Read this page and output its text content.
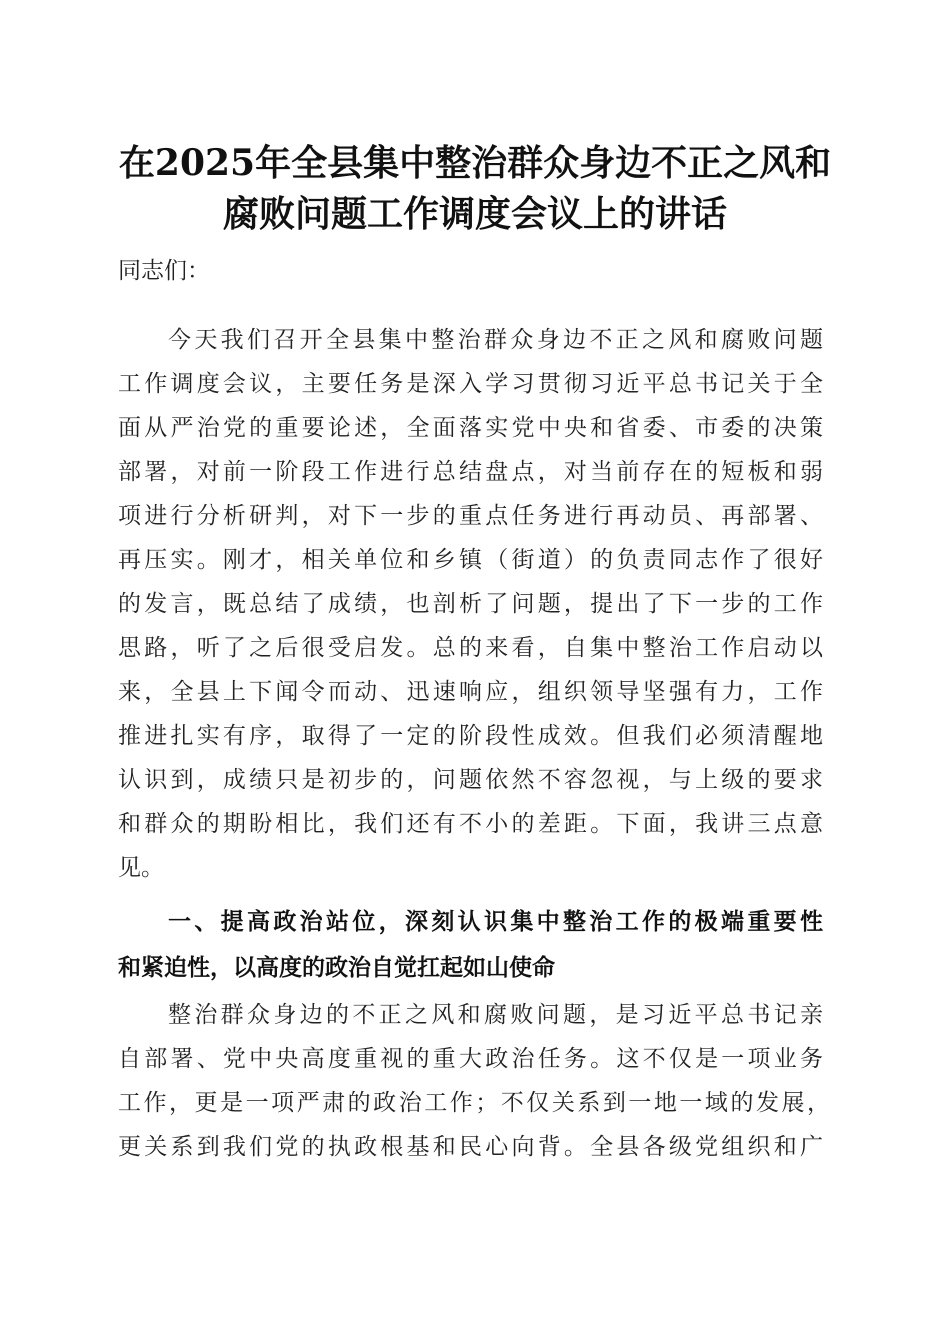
在2025年全县集中整治群众身边不正之风和
腐败问题工作调度会议上的讲话
同志们：
今天我们召开全县集中整治群众身边不正之风和腐败问题
工作调度会议，主要任务是深入学习贯彻习近平总书记关于全
面从严治党的重要论述，全面落实党中央和省委、市委的决策
部署，对前一阶段工作进行总结盘点，对当前存在的短板和弱
项进行分析研判，对下一步的重点任务进行再动员、再部署、
再压实。刚才，相关单位和乡镇（街道）的负责同志作了很好
的发言，既总结了成绩，也剖析了问题，提出了下一步的工作
思路，听了之后很受启发。总的来看，自集中整治工作启动以
来，全县上下闻令而动、迅速响应，组织领导坚强有力，工作
推进扎实有序，取得了一定的阶段性成效。但我们必须清醒地
认识到，成绩只是初步的，问题依然不容忽视，与上级的要求
和群众的期盼相比，我们还有不小的差距。下面，我讲三点意
见。
一、提高政治站位，深刻认识集中整治工作的极端重要性
和紧迫性，以高度的政治自觉扛起如山使命
整治群众身边的不正之风和腐败问题，是习近平总书记亲
自部署、党中央高度重视的重大政治任务。这不仅是一项业务
工作，更是一项严肃的政治工作；不仅关系到一地一域的发展，
更关系到我们党的执政根基和民心向背。全县各级党组织和广
